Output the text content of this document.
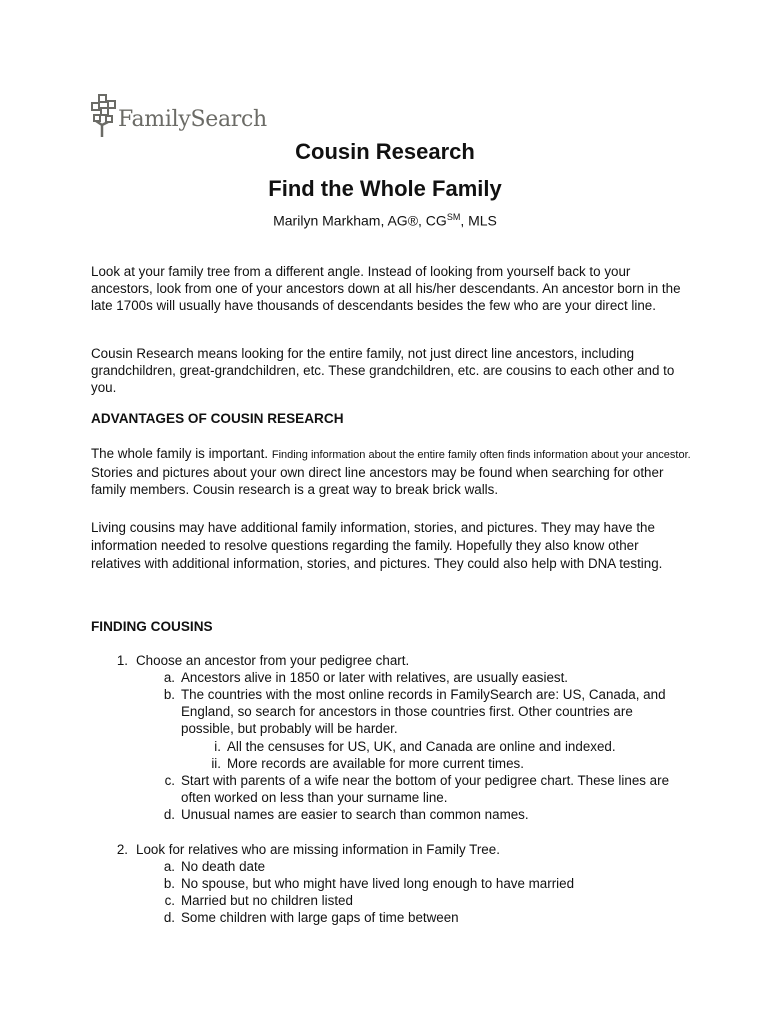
FamilySearch
Cousin Research
Find the Whole Family
Marilyn Markham, AG®, CG℠, MLS

Look at your family tree from a different angle. Instead of looking from yourself back to your ancestors, look from one of your ancestors down at all his/her descendants. An ancestor born in the late 1700s will usually have thousands of descendants besides the few who are your direct line.

Cousin Research means looking for the entire family, not just direct line ancestors, including grandchildren, great-grandchildren, etc. These grandchildren, etc. are cousins to each other and to you.

ADVANTAGES OF COUSIN RESEARCH

The whole family is important. Finding information about the entire family often finds information about your ancestor. Stories and pictures about your own direct line ancestors may be found when searching for other family members. Cousin research is a great way to break brick walls.

Living cousins may have additional family information, stories, and pictures. They may have the information needed to resolve questions regarding the family. Hopefully they also know other relatives with additional information, stories, and pictures. They could also help with DNA testing.

FINDING COUSINS
1. Choose an ancestor from your pedigree chart.
a. Ancestors alive in 1850 or later with relatives, are usually easiest.
b. The countries with the most online records in FamilySearch are: US, Canada, and England, so search for ancestors in those countries first. Other countries are possible, but probably will be harder.
i. All the censuses for US, UK, and Canada are online and indexed.
ii. More records are available for more current times.
c. Start with parents of a wife near the bottom of your pedigree chart. These lines are often worked on less than your surname line.
d. Unusual names are easier to search than common names.
2. Look for relatives who are missing information in Family Tree.
a. No death date
b. No spouse, but who might have lived long enough to have married
c. Married but no children listed
d. Some children with large gaps of time between
